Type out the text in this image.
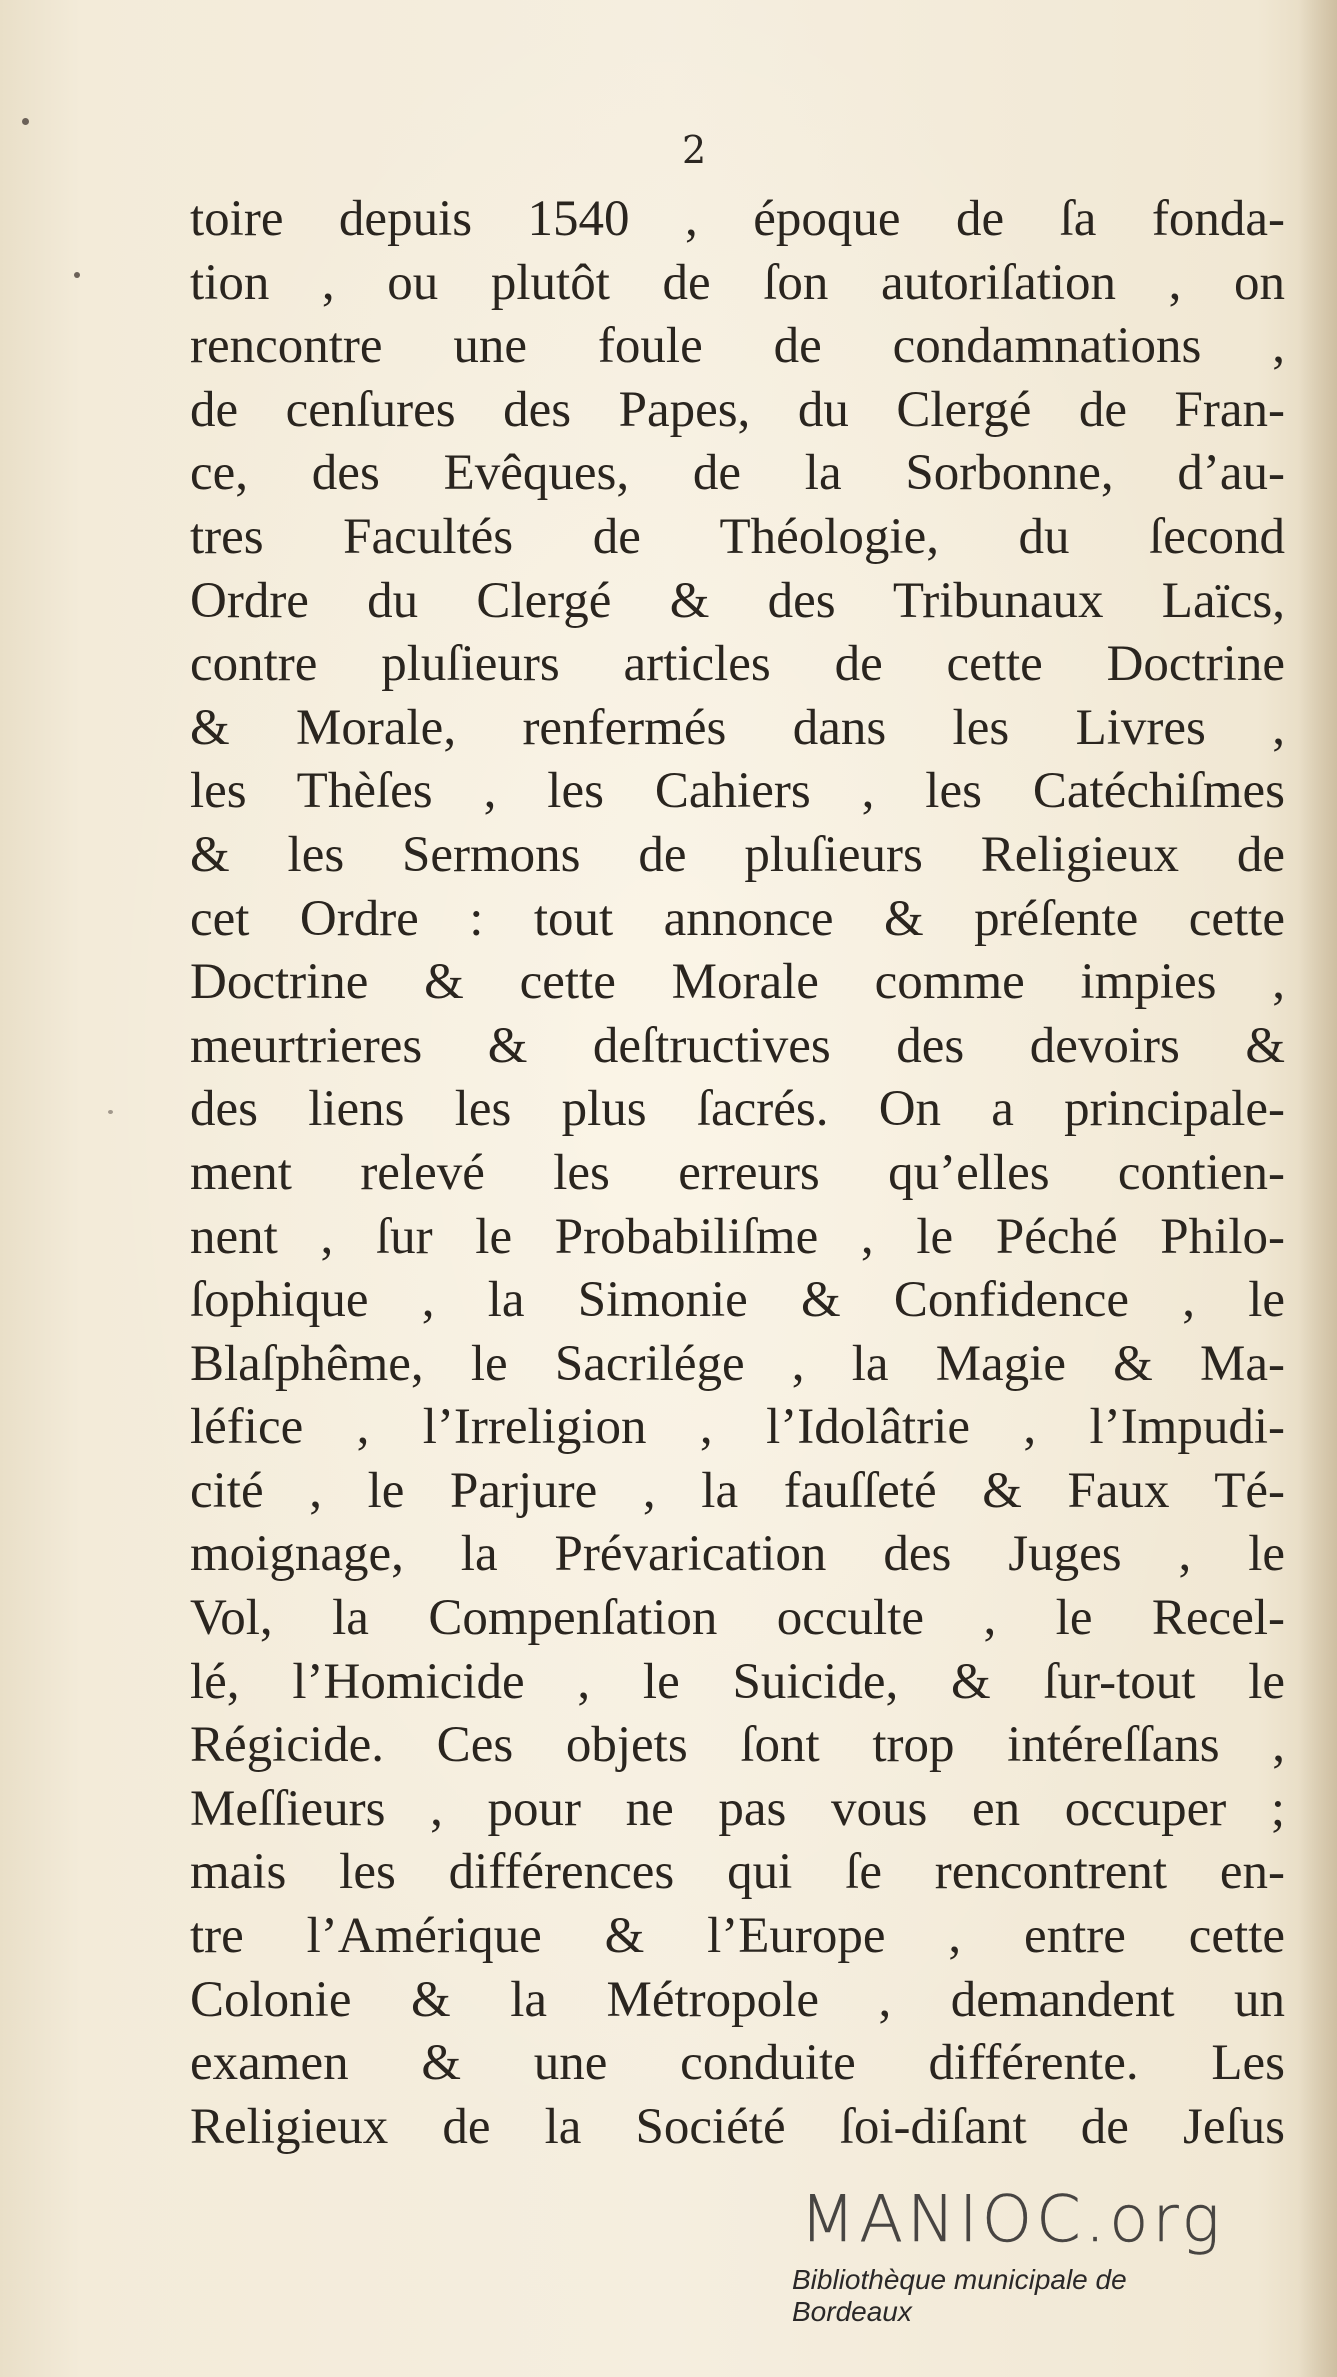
2
toire depuis 1540 , époque de ſa fonda-
tion , ou plutôt de ſon autoriſation , on
rencontre une foule de condamnations ,
de cenſures des Papes, du Clergé de Fran-
ce, des Evêques, de la Sorbonne, d’au-
tres Facultés de Théologie, du ſecond
Ordre du Clergé & des Tribunaux Laïcs,
contre pluſieurs articles de cette Doctrine
& Morale, renfermés dans les Livres ,
les Thèſes , les Cahiers , les Catéchiſmes
& les Sermons de pluſieurs Religieux de
cet Ordre : tout annonce & préſente cette
Doctrine & cette Morale comme impies ,
meurtrieres & deſtructives des devoirs &
des liens les plus ſacrés. On a principale-
ment relevé les erreurs qu’elles contien-
nent , ſur le Probabiliſme , le Péché Philo-
ſophique , la Simonie & Confidence , le
Blaſphême, le Sacrilége , la Magie & Ma-
léfice , l’Irreligion , l’Idolâtrie , l’Impudi-
cité , le Parjure , la fauſſeté & Faux Té-
moignage, la Prévarication des Juges , le
Vol, la Compenſation occulte , le Recel-
lé, l’Homicide , le Suicide, & ſur-tout le
Régicide. Ces objets ſont trop intéreſſans ,
Meſſieurs , pour ne pas vous en occuper ;
mais les différences qui ſe rencontrent en-
tre l’Amérique & l’Europe , entre cette
Colonie & la Métropole , demandent un
examen & une conduite différente. Les
Religieux de la Société ſoi-diſant de Jeſus
MANIOC.org
Bibliothèque municipale de Bordeaux
